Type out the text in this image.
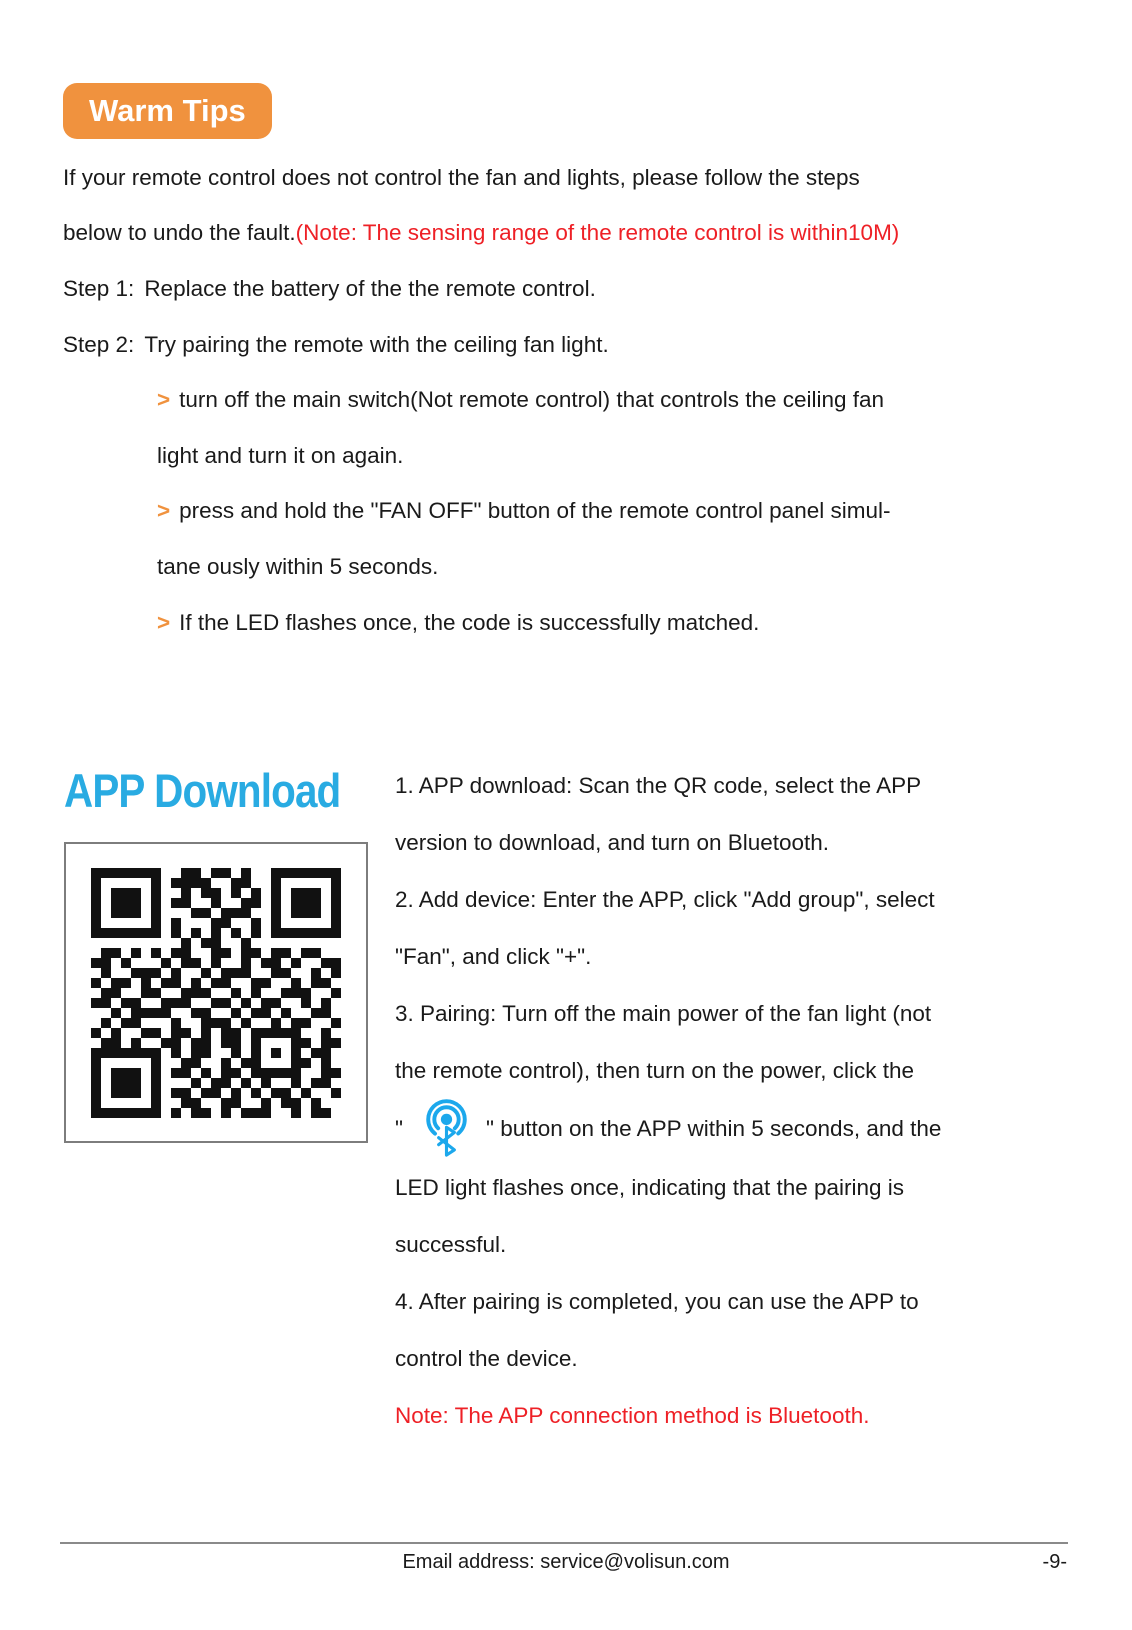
Warm Tips
If your remote control does not control the fan and lights, please follow the steps
below to undo the fault. (Note: The sensing range of the remote control is within10M)
Step 1: Replace the battery of the the remote control.
Step 2: Try pairing the remote with the ceiling fan light.
> turn off the main switch(Not remote control) that controls the ceiling fan
light and turn it on again.
> press and hold the "FAN OFF" button of the remote control panel simul-
tane ously within 5 seconds.
> If the LED flashes once, the code is successfully matched.
APP Download 1. APP download: Scan the QR code, select the APP
version to download, and turn on Bluetooth.
2. Add device: Enter the APP, click "Add group", select
"Fan", and click "+".
3. Pairing: Turn off the main power of the fan light (not
the remote control), then turn on the power, click the
"	" button on the APP within 5 seconds, and the
LED light flashes once, indicating that the pairing is
successful.
4. After pairing is completed, you can use the APP to
control the device.
Note: The APP connection method is Bluetooth.
Email address: service@volisun.com	-9-
